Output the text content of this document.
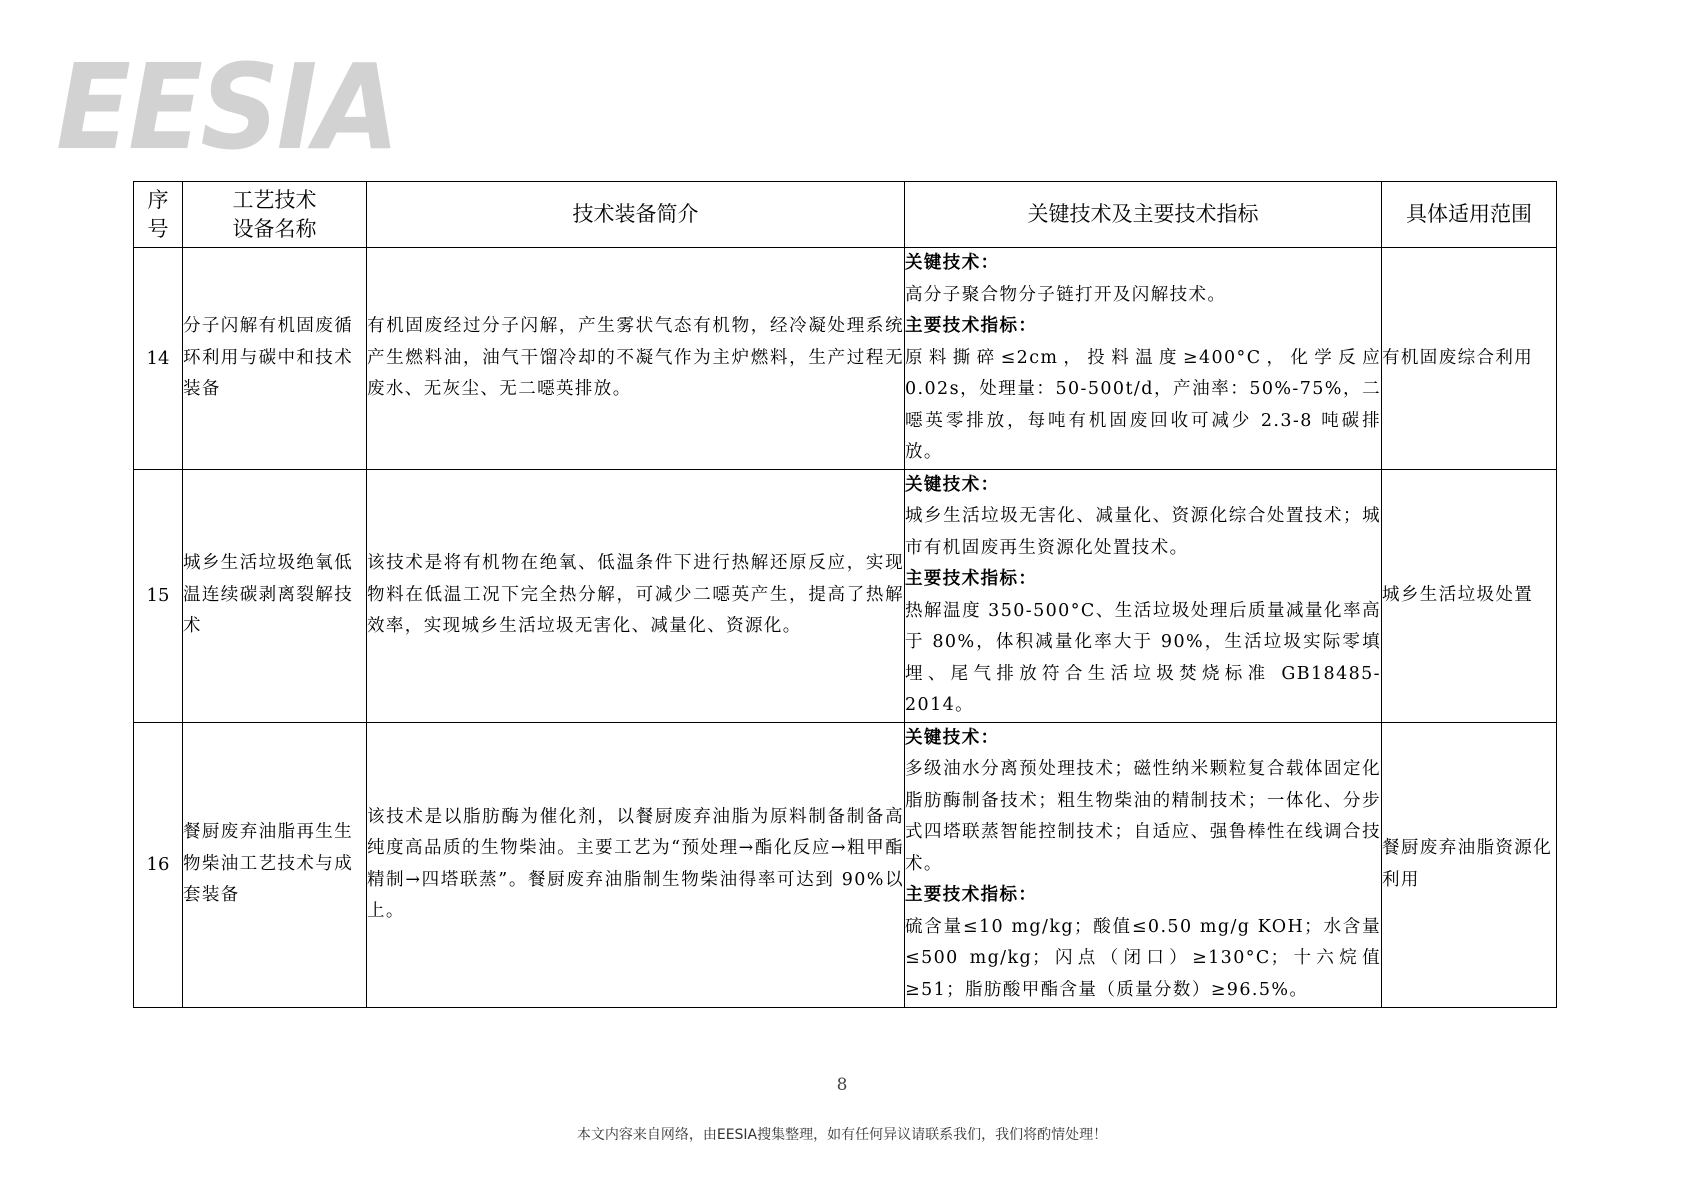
EESIA
序号	工艺技术设备名称	技术装备简介	关键技术及主要技术指标	具体适用范围
14	分子闪解有机固废循环利用与碳中和技术装备	有机固废经过分子闪解，产生雾状气态有机物，经冷凝处理系统产生燃料油，油气干馏冷却的不凝气作为主炉燃料，生产过程无废水、无灰尘、无二噁英排放。	关键技术：
高分子聚合物分子链打开及闪解技术。
主要技术指标：
原料撕碎≤2cm，投料温度≥400°C，化学反应 0.02s，处理量：50-500t/d，产油率：50%-75%，二噁英零排放，每吨有机固废回收可减少 2.3-8 吨碳排放。	有机固废综合利用
15	城乡生活垃圾绝氧低温连续碳剥离裂解技术	该技术是将有机物在绝氧、低温条件下进行热解还原反应，实现物料在低温工况下完全热分解，可减少二噁英产生，提高了热解效率，实现城乡生活垃圾无害化、减量化、资源化。	关键技术：
城乡生活垃圾无害化、减量化、资源化综合处置技术；城市有机固废再生资源化处置技术。
主要技术指标：
热解温度 350-500°C、生活垃圾处理后质量减量化率高于 80%，体积减量化率大于 90%，生活垃圾实际零填埋、尾气排放符合生活垃圾焚烧标准 GB18485-2014。	城乡生活垃圾处置
16	餐厨废弃油脂再生生物柴油工艺技术与成套装备	该技术是以脂肪酶为催化剂，以餐厨废弃油脂为原料制备制备高纯度高品质的生物柴油。主要工艺为“预处理→酯化反应→粗甲酯精制→四塔联蒸”。餐厨废弃油脂制生物柴油得率可达到 90%以上。	关键技术：
多级油水分离预处理技术；磁性纳米颗粒复合载体固定化脂肪酶制备技术；粗生物柴油的精制技术；一体化、分步式四塔联蒸智能控制技术；自适应、强鲁棒性在线调合技术。
主要技术指标：
硫含量≤10 mg/kg；酸值≤0.50 mg/g KOH；水含量≤500 mg/kg；闪点（闭口）≥130°C；十六烷值≥51；脂肪酸甲酯含量（质量分数）≥96.5%。	餐厨废弃油脂资源化利用
8
本文内容来自网络，由EESIA搜集整理，如有任何异议请联系我们，我们将酌情处理！
